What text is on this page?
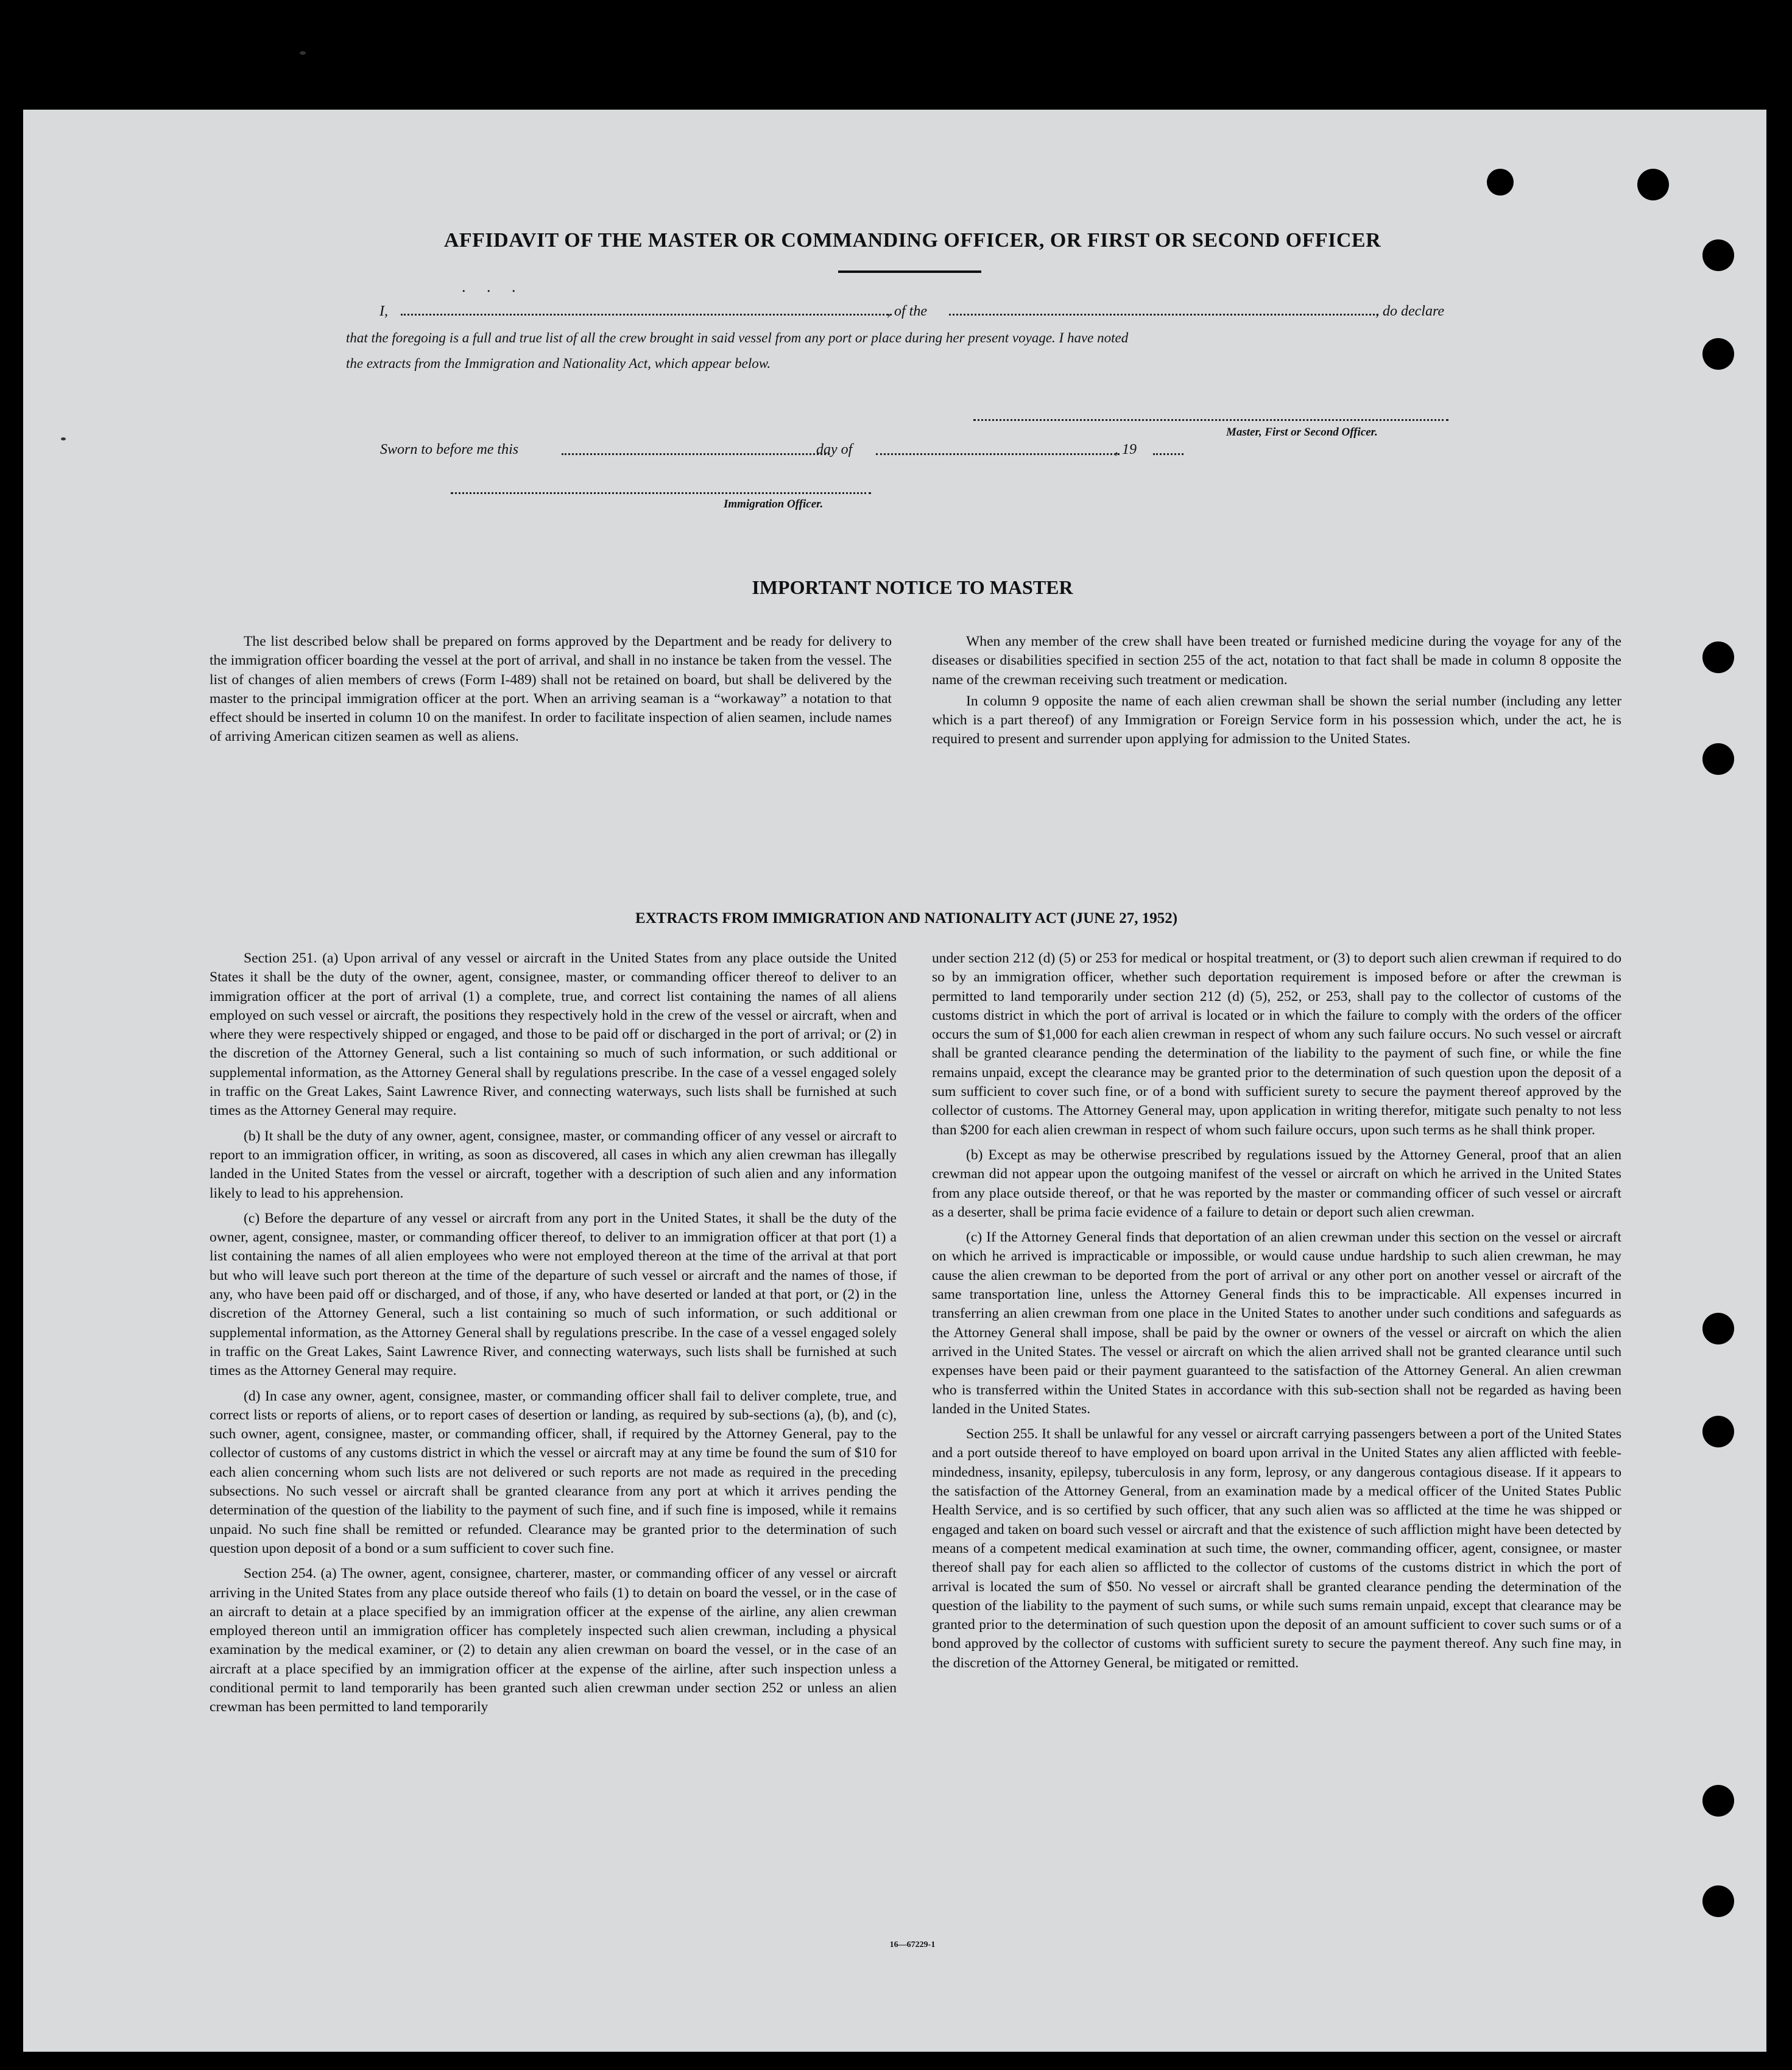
AFFIDAVIT OF THE MASTER OR COMMANDING OFFICER, OR FIRST OR SECOND OFFICER
. . .
I,	, of the	, do declare
that the foregoing is a full and true list of all the crew brought in said vessel from any port or place during her present voyage. I have noted
the extracts from the Immigration and Nationality Act, which appear below.
Master, First or Second Officer.
Sworn to before me this	day of	, 19
Immigration Officer.
IMPORTANT NOTICE TO MASTER

The list described below shall be prepared on forms approved by the Department and be ready for delivery to the immigration officer boarding the vessel at the port of arrival, and shall in no instance be taken from the vessel. The list of changes of alien members of crews (Form I-489) shall not be retained on board, but shall be delivered by the master to the principal immigration officer at the port. When an arriving seaman is a “workaway” a notation to that effect should be inserted in column 10 on the manifest. In order to facilitate inspection of alien seamen, include names of arriving American citizen seamen as well as aliens.

When any member of the crew shall have been treated or furnished medicine during the voyage for any of the diseases or disabilities specified in section 255 of the act, notation to that fact shall be made in column 8 opposite the name of the crewman receiving such treatment or medication.

In column 9 opposite the name of each alien crewman shall be shown the serial number (including any letter which is a part thereof) of any Immigration or Foreign Service form in his possession which, under the act, he is required to present and surrender upon applying for admission to the United States.

EXTRACTS FROM IMMIGRATION AND NATIONALITY ACT (JUNE 27, 1952)

Section 251. (a) Upon arrival of any vessel or aircraft in the United States from any place outside the United States it shall be the duty of the owner, agent, consignee, master, or commanding officer thereof to deliver to an immigration officer at the port of arrival (1) a complete, true, and correct list containing the names of all aliens employed on such vessel or aircraft, the positions they respectively hold in the crew of the vessel or aircraft, when and where they were respectively shipped or engaged, and those to be paid off or discharged in the port of arrival; or (2) in the discretion of the Attorney General, such a list containing so much of such information, or such additional or supplemental information, as the Attorney General shall by regulations prescribe. In the case of a vessel engaged solely in traffic on the Great Lakes, Saint Lawrence River, and connecting waterways, such lists shall be furnished at such times as the Attorney General may require.

(b) It shall be the duty of any owner, agent, consignee, master, or commanding officer of any vessel or aircraft to report to an immigration officer, in writing, as soon as discovered, all cases in which any alien crewman has illegally landed in the United States from the vessel or aircraft, together with a description of such alien and any information likely to lead to his apprehension.

(c) Before the departure of any vessel or aircraft from any port in the United States, it shall be the duty of the owner, agent, consignee, master, or commanding officer thereof, to deliver to an immigration officer at that port (1) a list containing the names of all alien employees who were not employed thereon at the time of the arrival at that port but who will leave such port thereon at the time of the departure of such vessel or aircraft and the names of those, if any, who have been paid off or discharged, and of those, if any, who have deserted or landed at that port, or (2) in the discretion of the Attorney General, such a list containing so much of such information, or such additional or supplemental information, as the Attorney General shall by regulations prescribe. In the case of a vessel engaged solely in traffic on the Great Lakes, Saint Lawrence River, and connecting waterways, such lists shall be furnished at such times as the Attorney General may require.

(d) In case any owner, agent, consignee, master, or commanding officer shall fail to deliver complete, true, and correct lists or reports of aliens, or to report cases of desertion or landing, as required by sub-sections (a), (b), and (c), such owner, agent, consignee, master, or commanding officer, shall, if required by the Attorney General, pay to the collector of customs of any customs district in which the vessel or aircraft may at any time be found the sum of $10 for each alien concerning whom such lists are not delivered or such reports are not made as required in the preceding subsections. No such vessel or aircraft shall be granted clearance from any port at which it arrives pending the determination of the question of the liability to the payment of such fine, and if such fine is imposed, while it remains unpaid. No such fine shall be remitted or refunded. Clearance may be granted prior to the determination of such question upon deposit of a bond or a sum sufficient to cover such fine.

Section 254. (a) The owner, agent, consignee, charterer, master, or commanding officer of any vessel or aircraft arriving in the United States from any place outside thereof who fails (1) to detain on board the vessel, or in the case of an aircraft to detain at a place specified by an immigration officer at the expense of the airline, any alien crewman employed thereon until an immigration officer has completely inspected such alien crewman, including a physical examination by the medical examiner, or (2) to detain any alien crewman on board the vessel, or in the case of an aircraft at a place specified by an immigration officer at the expense of the airline, after such inspection unless a conditional permit to land temporarily has been granted such alien crewman under section 252 or unless an alien crewman has been permitted to land temporarily

under section 212 (d) (5) or 253 for medical or hospital treatment, or (3) to deport such alien crewman if required to do so by an immigration officer, whether such deportation requirement is imposed before or after the crewman is permitted to land temporarily under section 212 (d) (5), 252, or 253, shall pay to the collector of customs of the customs district in which the port of arrival is located or in which the failure to comply with the orders of the officer occurs the sum of $1,000 for each alien crewman in respect of whom any such failure occurs. No such vessel or aircraft shall be granted clearance pending the determination of the liability to the payment of such fine, or while the fine remains unpaid, except the clearance may be granted prior to the determination of such question upon the deposit of a sum sufficient to cover such fine, or of a bond with sufficient surety to secure the payment thereof approved by the collector of customs. The Attorney General may, upon application in writing therefor, mitigate such penalty to not less than $200 for each alien crewman in respect of whom such failure occurs, upon such terms as he shall think proper.

(b) Except as may be otherwise prescribed by regulations issued by the Attorney General, proof that an alien crewman did not appear upon the outgoing manifest of the vessel or aircraft on which he arrived in the United States from any place outside thereof, or that he was reported by the master or commanding officer of such vessel or aircraft as a deserter, shall be prima facie evidence of a failure to detain or deport such alien crewman.

(c) If the Attorney General finds that deportation of an alien crewman under this section on the vessel or aircraft on which he arrived is impracticable or impossible, or would cause undue hardship to such alien crewman, he may cause the alien crewman to be deported from the port of arrival or any other port on another vessel or aircraft of the same transportation line, unless the Attorney General finds this to be impracticable. All expenses incurred in transferring an alien crewman from one place in the United States to another under such conditions and safeguards as the Attorney General shall impose, shall be paid by the owner or owners of the vessel or aircraft on which the alien arrived in the United States. The vessel or aircraft on which the alien arrived shall not be granted clearance until such expenses have been paid or their payment guaranteed to the satisfaction of the Attorney General. An alien crewman who is transferred within the United States in accordance with this sub-section shall not be regarded as having been landed in the United States.

Section 255. It shall be unlawful for any vessel or aircraft carrying passengers between a port of the United States and a port outside thereof to have employed on board upon arrival in the United States any alien afflicted with feeble-mindedness, insanity, epilepsy, tuberculosis in any form, leprosy, or any dangerous contagious disease. If it appears to the satisfaction of the Attorney General, from an examination made by a medical officer of the United States Public Health Service, and is so certified by such officer, that any such alien was so afflicted at the time he was shipped or engaged and taken on board such vessel or aircraft and that the existence of such affliction might have been detected by means of a competent medical examination at such time, the owner, commanding officer, agent, consignee, or master thereof shall pay for each alien so afflicted to the collector of customs of the customs district in which the port of arrival is located the sum of $50. No vessel or aircraft shall be granted clearance pending the determination of the question of the liability to the payment of such sums, or while such sums remain unpaid, except that clearance may be granted prior to the determination of such question upon the deposit of an amount sufficient to cover such sums or of a bond approved by the collector of customs with sufficient surety to secure the payment thereof. Any such fine may, in the discretion of the Attorney General, be mitigated or remitted.

16—67229-1
